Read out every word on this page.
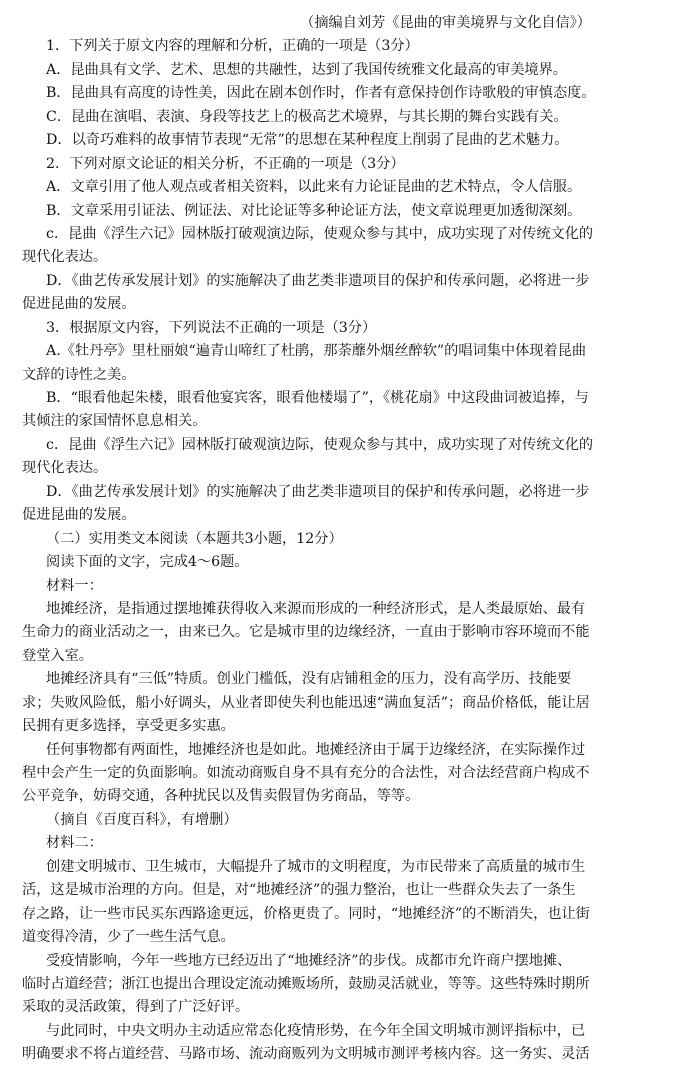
（摘编自刘芳《昆曲的审美境界与文化自信》）
1．下列关于原文内容的理解和分析，正确的一项是（3分）
A．昆曲具有文学、艺术、思想的共融性，达到了我国传统雅文化最高的审美境界。
B．昆曲具有高度的诗性美，因此在剧本创作时，作者有意保持创作诗歌般的审慎态度。
C．昆曲在演唱、表演、身段等技艺上的极高艺术境界，与其长期的舞台实践有关。
D．以奇巧难料的故事情节表现“无常”的思想在某种程度上削弱了昆曲的艺术魅力。
2．下列对原文论证的相关分析，不正确的一项是（3分）
A．文章引用了他人观点或者相关资料，以此来有力论证昆曲的艺术特点，令人信服。
B．文章采用引证法、例证法、对比论证等多种论证方法，使文章说理更加透彻深刻。
c．昆曲《浮生六记》园林版打破观演边际，使观众参与其中，成功实现了对传统文化的
现代化表达。
D．《曲艺传承发展计划》的实施解决了曲艺类非遗项目的保护和传承问题，必将进一步
促进昆曲的发展。
3．根据原文内容，下列说法不正确的一项是（3分）
A.《牡丹亭》里杜丽娘“遍青山啼红了杜鹃，那荼蘼外烟丝醉软”的唱词集中体现着昆曲
文辞的诗性之美。
B．“眼看他起朱楼，眼看他宴宾客，眼看他楼塌了”，《桃花扇》中这段曲词被追捧，与
其倾注的家国情怀息息相关。
c．昆曲《浮生六记》园林版打破观演边际，使观众参与其中，成功实现了对传统文化的
现代化表达。
D．《曲艺传承发展计划》的实施解决了曲艺类非遗项目的保护和传承问题，必将进一步
促进昆曲的发展。
（二）实用类文本阅读（本题共3小题，12分）
阅读下面的文字，完成4～6题。
材料一：
地摊经济，是指通过摆地摊获得收入来源而形成的一种经济形式，是人类最原始、最有
生命力的商业活动之一，由来已久。它是城市里的边缘经济，一直由于影响市容环境而不能
登堂入室。
地摊经济具有“三低”特质。创业门槛低，没有店铺租金的压力，没有高学历、技能要
求；失败风险低，船小好调头，从业者即使失利也能迅速“满血复活”；商品价格低，能让居
民拥有更多选择，享受更多实惠。
任何事物都有两面性，地摊经济也是如此。地摊经济由于属于边缘经济，在实际操作过
程中会产生一定的负面影响。如流动商贩自身不具有充分的合法性，对合法经营商户构成不
公平竞争，妨碍交通，各种扰民以及售卖假冒伪劣商品，等等。
（摘自《百度百科》，有增删）
材料二：
创建文明城市、卫生城市，大幅提升了城市的文明程度，为市民带来了高质量的城市生
活，这是城市治理的方向。但是，对“地摊经济”的强力整治，也让一些群众失去了一条生
存之路，让一些市民买东西路途更远，价格更贵了。同时，“地摊经济”的不断消失，也让街
道变得冷清，少了一些生活气息。
受疫情影响，今年一些地方已经迈出了“地摊经济”的步伐。成都市允许商户摆地摊、
临时占道经营；浙江也提出合理设定流动摊贩场所，鼓励灵活就业，等等。这些特殊时期所
采取的灵活政策，得到了广泛好评。
与此同时，中央文明办主动适应常态化疫情形势，在今年全国文明城市测评指标中，已
明确要求不将占道经营、马路市场、流动商贩列为文明城市测评考核内容。这一务实、灵活
